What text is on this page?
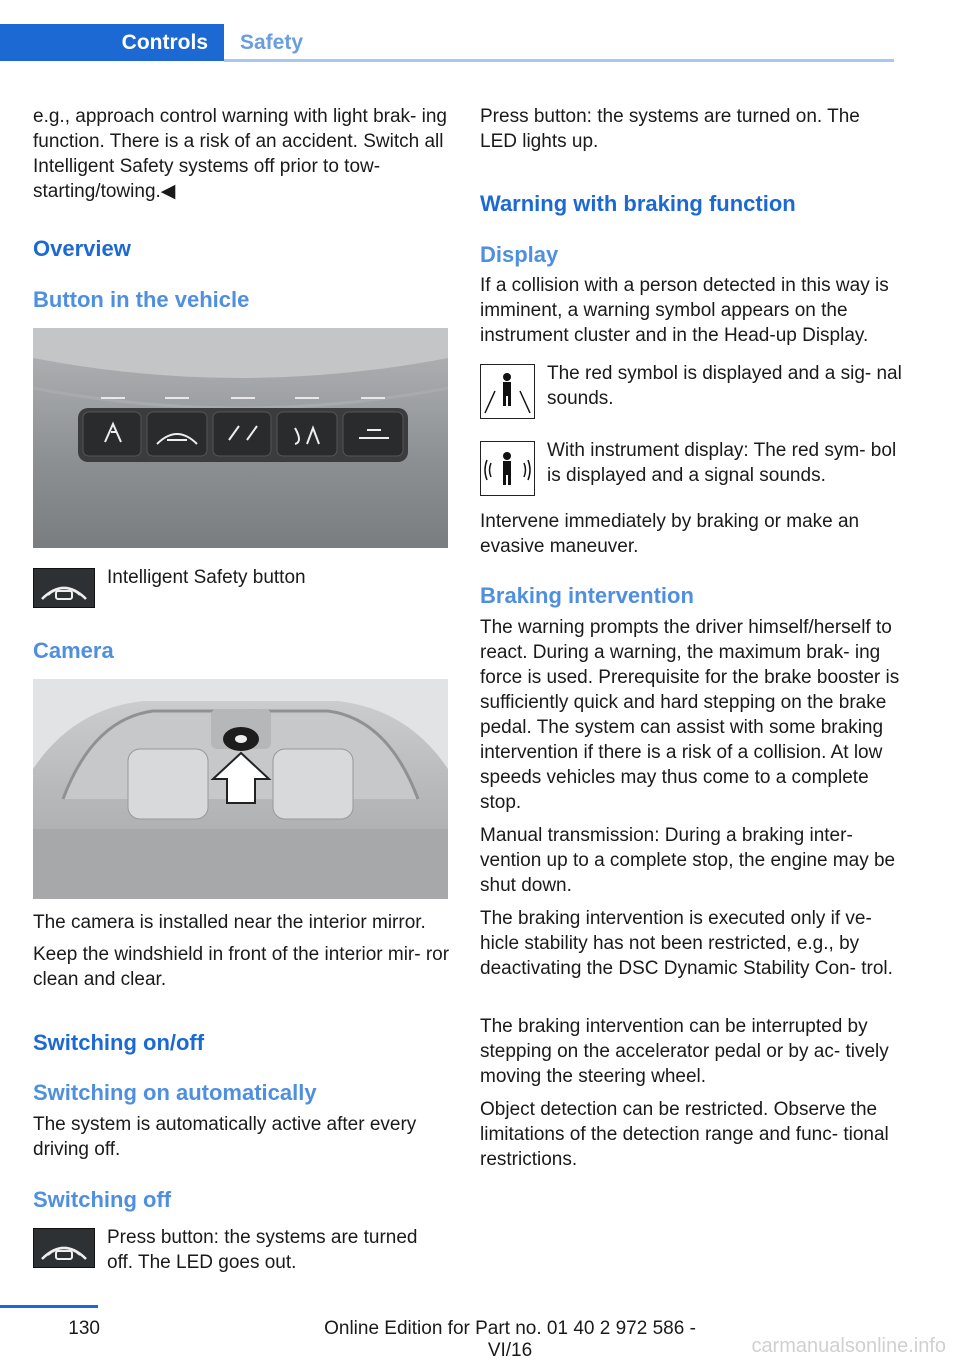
Controls	Safety

e.g., approach control warning with light brak‐ ing function. There is a risk of an accident. Switch all Intelligent Safety systems off prior to tow-starting/towing.◀

Overview
Button in the vehicle
Intelligent Safety button
Camera
The camera is installed near the interior mirror.
Keep the windshield in front of the interior mir‐ ror clean and clear.
Switching on/off
Switching on automatically
The system is automatically active after every driving off.
Switching off
Press button: the systems are turned off. The LED goes out.
Press button: the systems are turned on. The LED lights up.
Warning with braking function
Display
If a collision with a person detected in this way is imminent, a warning symbol appears on the instrument cluster and in the Head-up Display.
The red symbol is displayed and a sig‐ nal sounds.
With instrument display: The red sym‐ bol is displayed and a signal sounds.
Intervene immediately by braking or make an evasive maneuver.
Braking intervention
The warning prompts the driver himself/herself to react. During a warning, the maximum brak‐ ing force is used. Prerequisite for the brake booster is sufficiently quick and hard stepping on the brake pedal. The system can assist with some braking intervention if there is a risk of a collision. At low speeds vehicles may thus come to a complete stop.
Manual transmission: During a braking inter‐ vention up to a complete stop, the engine may be shut down.
The braking intervention is executed only if ve‐ hicle stability has not been restricted, e.g., by deactivating the DSC Dynamic Stability Con‐ trol.
The braking intervention can be interrupted by stepping on the accelerator pedal or by ac‐ tively moving the steering wheel.
Object detection can be restricted. Observe the limitations of the detection range and func‐ tional restrictions.
130	Online Edition for Part no. 01 40 2 972 586 - VI/16	carmanualsonline.info
